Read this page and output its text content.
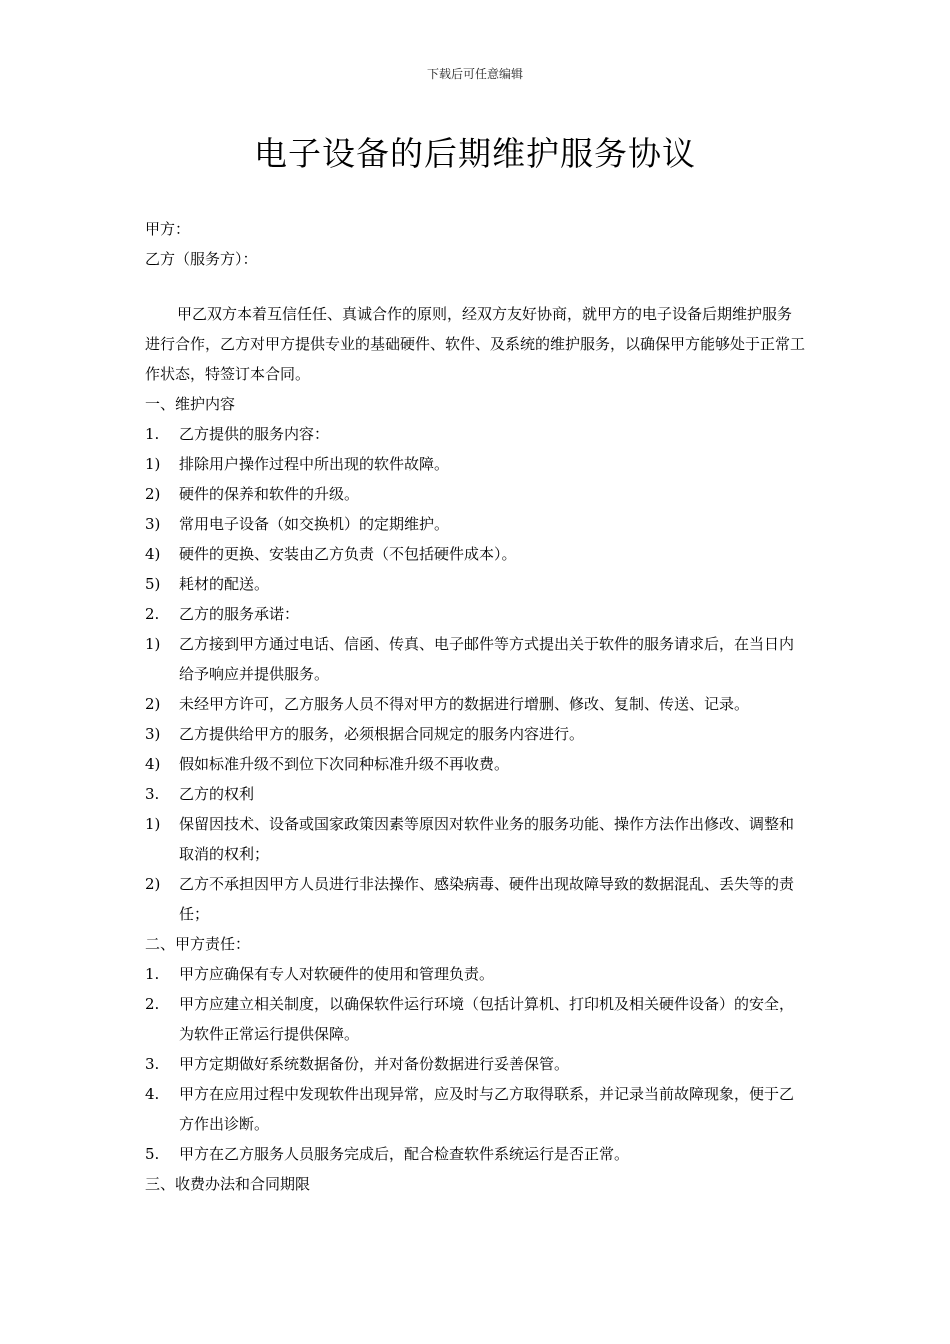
下载后可任意编辑
电子设备的后期维护服务协议
甲方：
乙方（服务方）：
甲乙双方本着互信任任、真诚合作的原则，经双方友好协商，就甲方的电子设备后期维护服务进行合作，乙方对甲方提供专业的基础硬件、软件、及系统的维护服务，以确保甲方能够处于正常工作状态，特签订本合同。
一、维护内容
1.	乙方提供的服务内容：
1)	排除用户操作过程中所出现的软件故障。
2)	硬件的保养和软件的升级。
3)	常用电子设备（如交换机）的定期维护。
4)	硬件的更换、安装由乙方负责（不包括硬件成本）。
5)	耗材的配送。
2.	乙方的服务承诺：
1)	乙方接到甲方通过电话、信函、传真、电子邮件等方式提出关于软件的服务请求后，在当日内给予响应并提供服务。
2)	未经甲方许可，乙方服务人员不得对甲方的数据进行增删、修改、复制、传送、记录。
3)	乙方提供给甲方的服务，必须根据合同规定的服务内容进行。
4)	假如标准升级不到位下次同种标准升级不再收费。
3.	乙方的权利
1)	保留因技术、设备或国家政策因素等原因对软件业务的服务功能、操作方法作出修改、调整和取消的权利；
2)	乙方不承担因甲方人员进行非法操作、感染病毒、硬件出现故障导致的数据混乱、丢失等的责任；
二、甲方责任：
1.	甲方应确保有专人对软硬件的使用和管理负责。
2.	甲方应建立相关制度，以确保软件运行环境（包括计算机、打印机及相关硬件设备）的安全，为软件正常运行提供保障。
3.	甲方定期做好系统数据备份，并对备份数据进行妥善保管。
4.	甲方在应用过程中发现软件出现异常，应及时与乙方取得联系，并记录当前故障现象，便于乙方作出诊断。
5.	甲方在乙方服务人员服务完成后，配合检查软件系统运行是否正常。
三、收费办法和合同期限
